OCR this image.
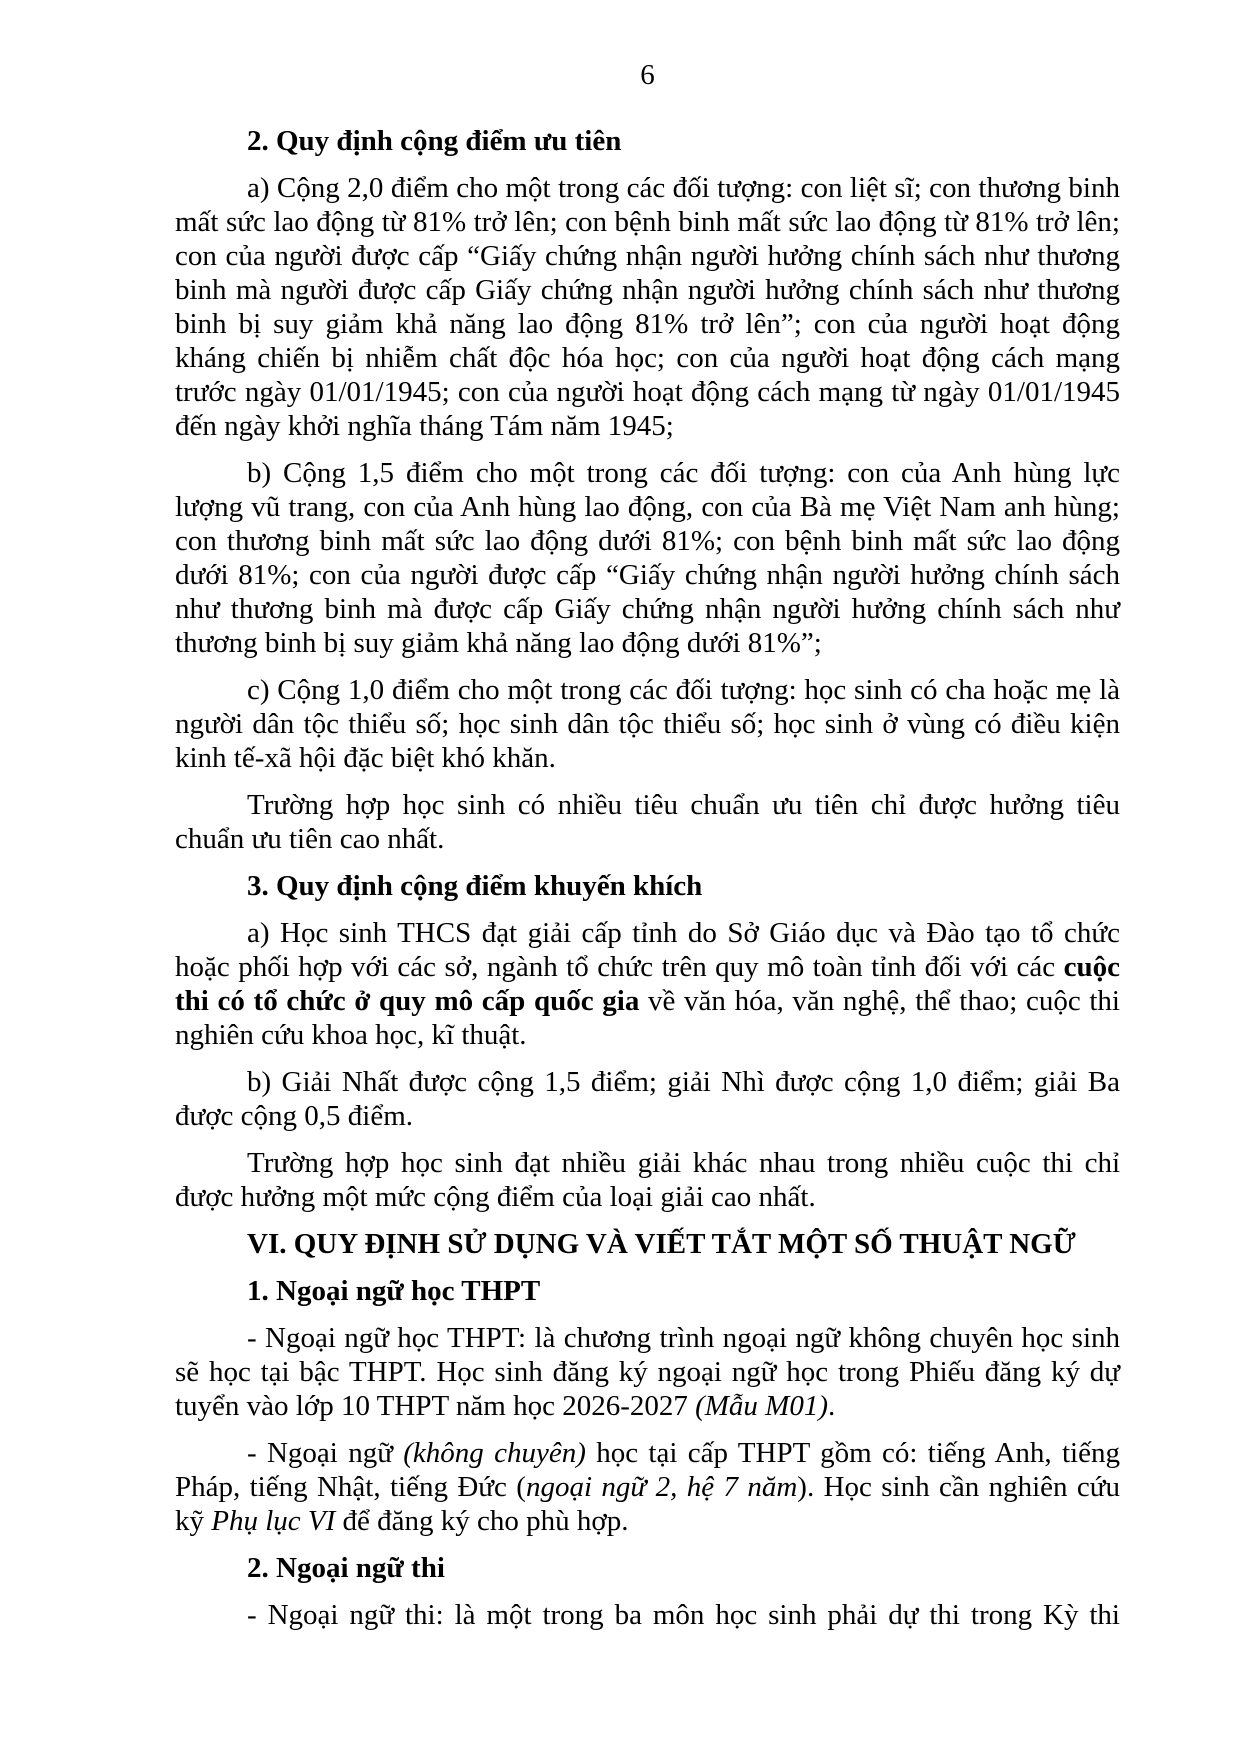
6

2. Quy định cộng điểm ưu tiên

a) Cộng 2,0 điểm cho một trong các đối tượng: con liệt sĩ; con thương binh mất sức lao động từ 81% trở lên; con bệnh binh mất sức lao động từ 81% trở lên; con của người được cấp “Giấy chứng nhận người hưởng chính sách như thương binh mà người được cấp Giấy chứng nhận người hưởng chính sách như thương binh bị suy giảm khả năng lao động 81% trở lên”; con của người hoạt động kháng chiến bị nhiễm chất độc hóa học; con của người hoạt động cách mạng trước ngày 01/01/1945; con của người hoạt động cách mạng từ ngày 01/01/1945 đến ngày khởi nghĩa tháng Tám năm 1945;

b) Cộng 1,5 điểm cho một trong các đối tượng: con của Anh hùng lực lượng vũ trang, con của Anh hùng lao động, con của Bà mẹ Việt Nam anh hùng; con thương binh mất sức lao động dưới 81%; con bệnh binh mất sức lao động dưới 81%; con của người được cấp “Giấy chứng nhận người hưởng chính sách như thương binh mà được cấp Giấy chứng nhận người hưởng chính sách như thương binh bị suy giảm khả năng lao động dưới 81%”;

c) Cộng 1,0 điểm cho một trong các đối tượng: học sinh có cha hoặc mẹ là người dân tộc thiểu số; học sinh dân tộc thiểu số; học sinh ở vùng có điều kiện kinh tế-xã hội đặc biệt khó khăn.

Trường hợp học sinh có nhiều tiêu chuẩn ưu tiên chỉ được hưởng tiêu chuẩn ưu tiên cao nhất.

3. Quy định cộng điểm khuyến khích

a) Học sinh THCS đạt giải cấp tỉnh do Sở Giáo dục và Đào tạo tổ chức hoặc phối hợp với các sở, ngành tổ chức trên quy mô toàn tỉnh đối với các cuộc thi có tổ chức ở quy mô cấp quốc gia về văn hóa, văn nghệ, thể thao; cuộc thi nghiên cứu khoa học, kĩ thuật.

b) Giải Nhất được cộng 1,5 điểm; giải Nhì được cộng 1,0 điểm; giải Ba được cộng 0,5 điểm.

Trường hợp học sinh đạt nhiều giải khác nhau trong nhiều cuộc thi chỉ được hưởng một mức cộng điểm của loại giải cao nhất.

VI. QUY ĐỊNH SỬ DỤNG VÀ VIẾT TẮT MỘT SỐ THUẬT NGỮ

1. Ngoại ngữ học THPT

- Ngoại ngữ học THPT: là chương trình ngoại ngữ không chuyên học sinh sẽ học tại bậc THPT. Học sinh đăng ký ngoại ngữ học trong Phiếu đăng ký dự tuyển vào lớp 10 THPT năm học 2026-2027 (Mẫu M01).

- Ngoại ngữ (không chuyên) học tại cấp THPT gồm có: tiếng Anh, tiếng Pháp, tiếng Nhật, tiếng Đức (ngoại ngữ 2, hệ 7 năm). Học sinh cần nghiên cứu kỹ Phụ lục VI để đăng ký cho phù hợp.

2. Ngoại ngữ thi

- Ngoại ngữ thi: là một trong ba môn học sinh phải dự thi trong Kỳ thi
